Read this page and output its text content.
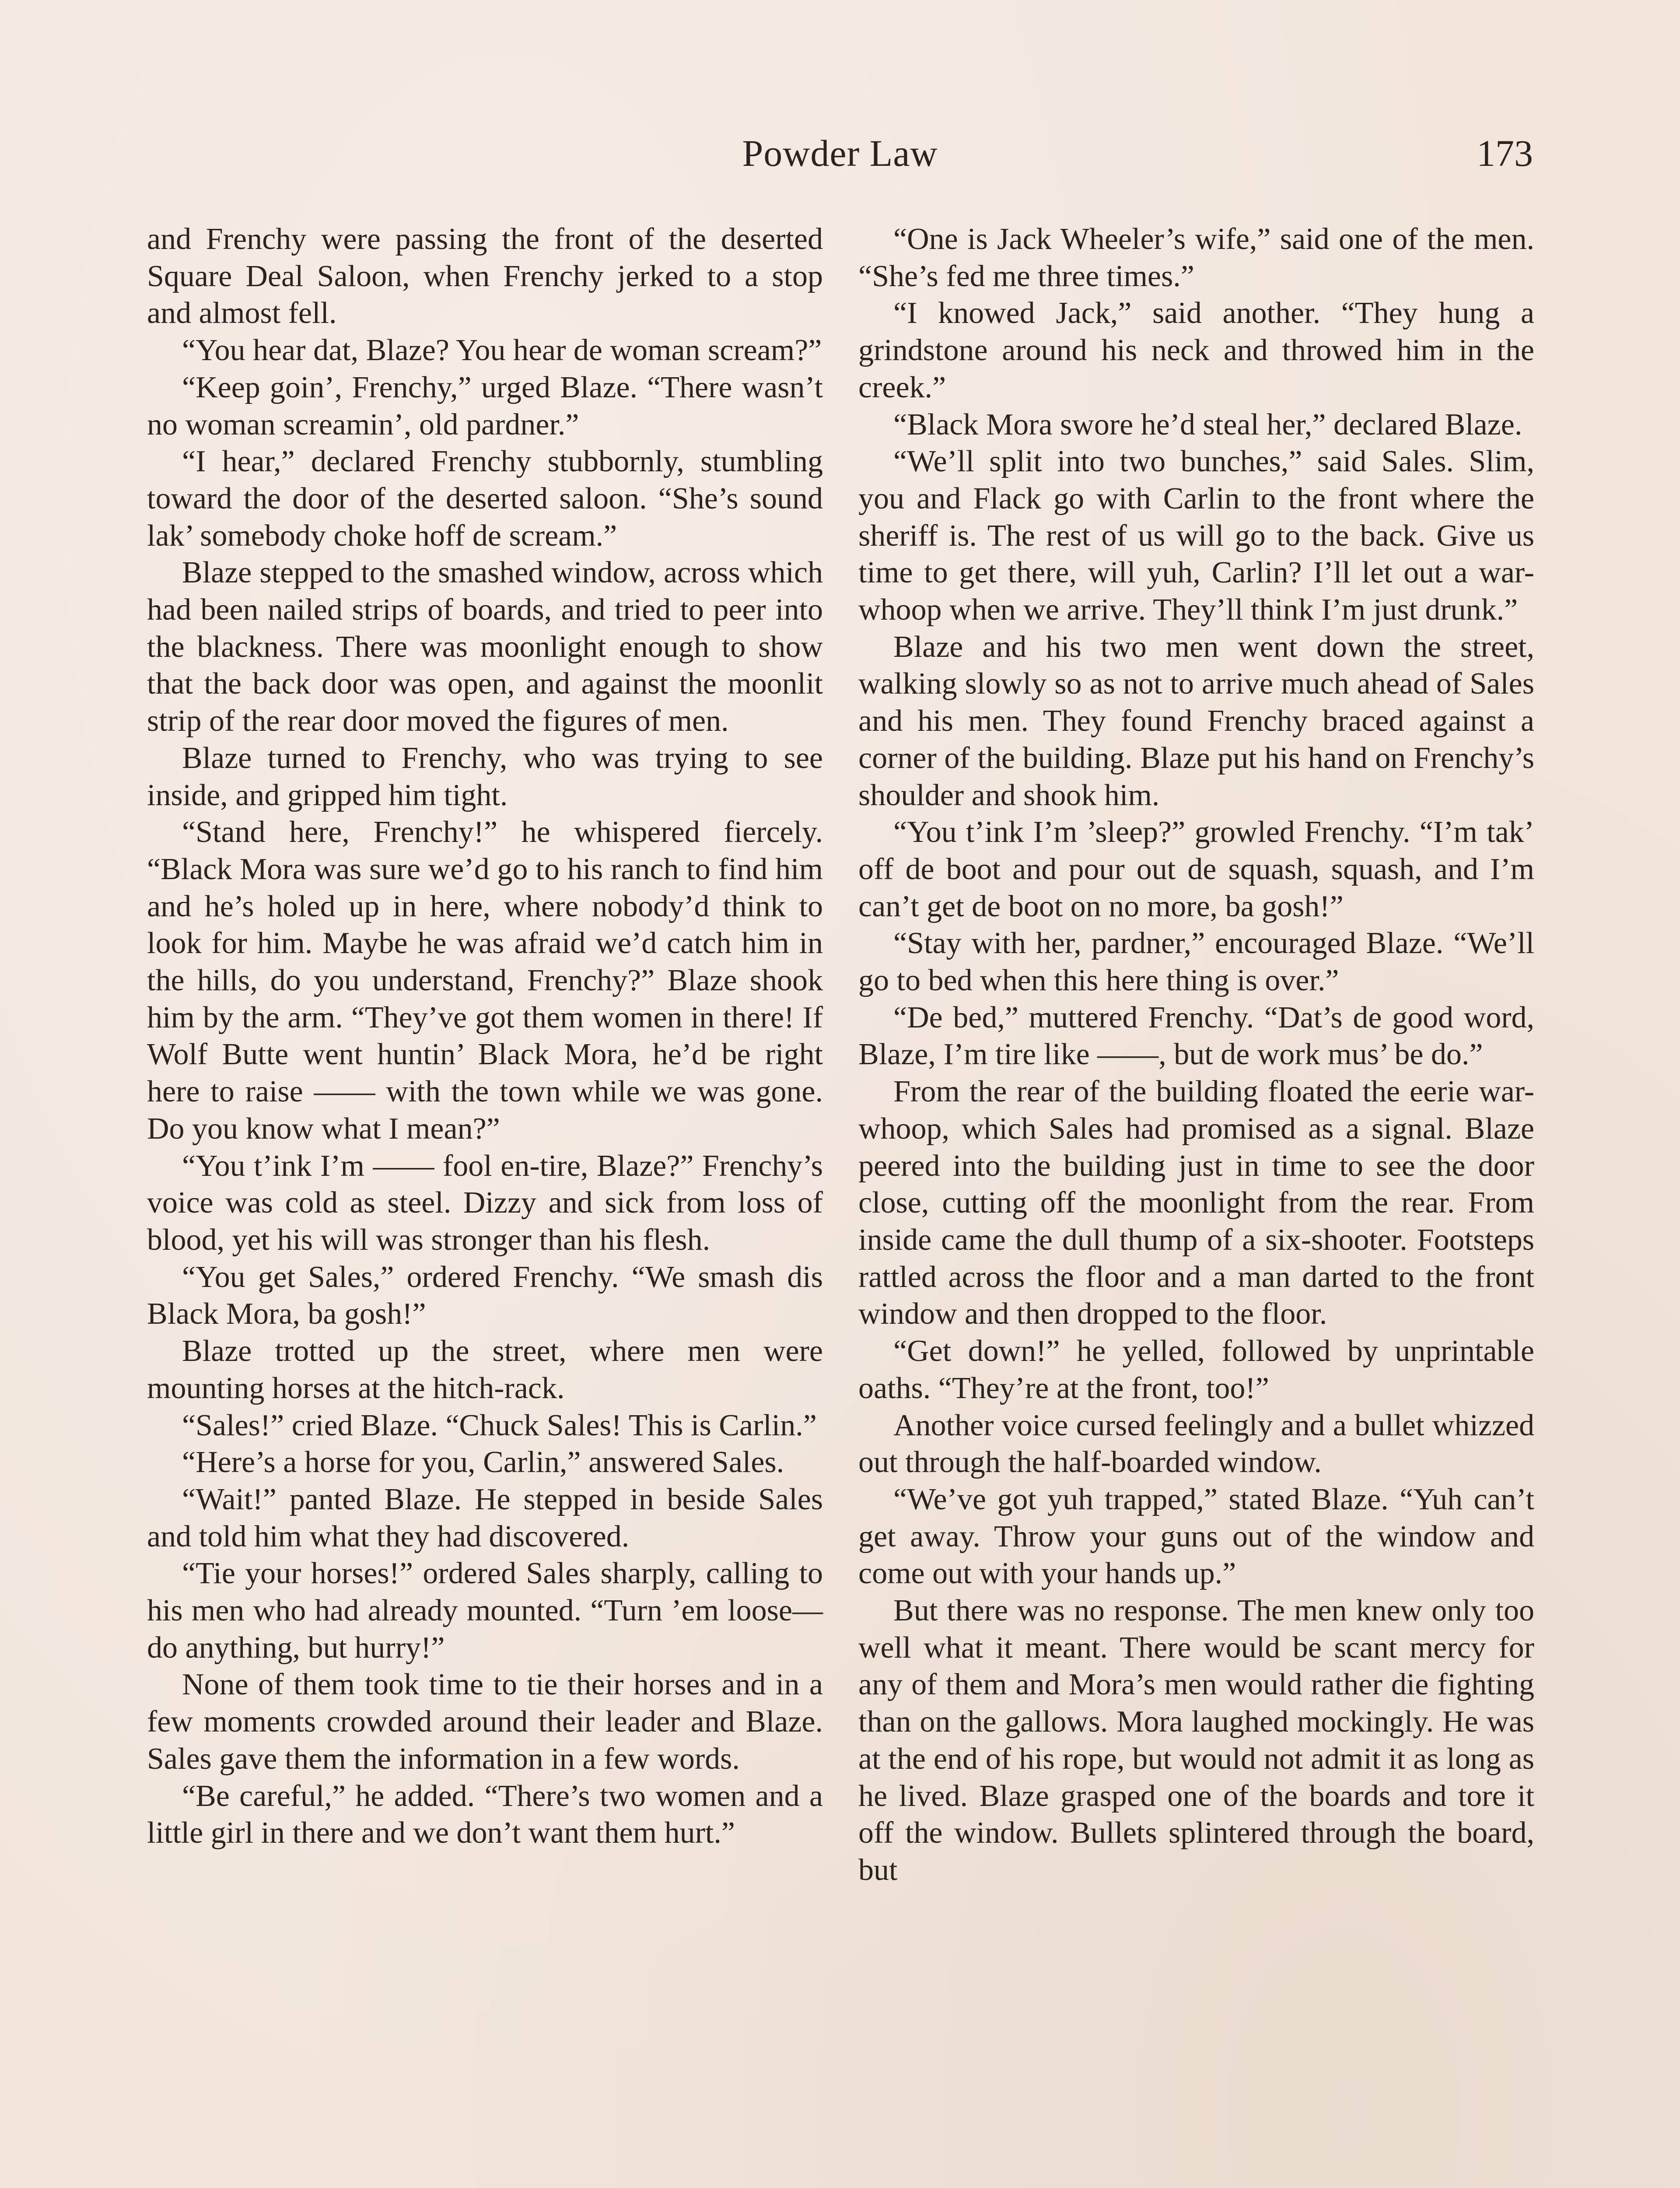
Powder Law	173

and Frenchy were passing the front of the deserted Square Deal Saloon, when Frenchy jerked to a stop and almost fell.

“You hear dat, Blaze? You hear de woman scream?”

“Keep goin’, Frenchy,” urged Blaze. “There wasn’t no woman screamin’, old pardner.”

“I hear,” declared Frenchy stubbornly, stumbling toward the door of the deserted saloon. “She’s sound lak’ somebody choke hoff de scream.”

Blaze stepped to the smashed window, across which had been nailed strips of boards, and tried to peer into the blackness. There was moonlight enough to show that the back door was open, and against the moonlit strip of the rear door moved the figures of men.

Blaze turned to Frenchy, who was trying to see inside, and gripped him tight.

“Stand here, Frenchy!” he whispered fiercely. “Black Mora was sure we’d go to his ranch to find him and he’s holed up in here, where nobody’d think to look for him. Maybe he was afraid we’d catch him in the hills, do you understand, Frenchy?” Blaze shook him by the arm. “They’ve got them women in there! If Wolf Butte went huntin’ Black Mora, he’d be right here to raise —— with the town while we was gone. Do you know what I mean?”

“You t’ink I’m —— fool en-tire, Blaze?” Frenchy’s voice was cold as steel. Dizzy and sick from loss of blood, yet his will was stronger than his flesh.

“You get Sales,” ordered Frenchy. “We smash dis Black Mora, ba gosh!”

Blaze trotted up the street, where men were mounting horses at the hitch-rack.

“Sales!” cried Blaze. “Chuck Sales! This is Carlin.”

“Here’s a horse for you, Carlin,” answered Sales.

“Wait!” panted Blaze. He stepped in beside Sales and told him what they had discovered.

“Tie your horses!” ordered Sales sharply, calling to his men who had already mounted. “Turn ’em loose—do anything, but hurry!”

None of them took time to tie their horses and in a few moments crowded around their leader and Blaze. Sales gave them the information in a few words.

“Be careful,” he added. “There’s two women and a little girl in there and we don’t want them hurt.”

“One is Jack Wheeler’s wife,” said one of the men. “She’s fed me three times.”

“I knowed Jack,” said another. “They hung a grindstone around his neck and throwed him in the creek.”

“Black Mora swore he’d steal her,” declared Blaze.

“We’ll split into two bunches,” said Sales. Slim, you and Flack go with Carlin to the front where the sheriff is. The rest of us will go to the back. Give us time to get there, will yuh, Carlin? I’ll let out a war-whoop when we arrive. They’ll think I’m just drunk.”

Blaze and his two men went down the street, walking slowly so as not to arrive much ahead of Sales and his men. They found Frenchy braced against a corner of the building. Blaze put his hand on Frenchy’s shoulder and shook him.

“You t’ink I’m ’sleep?” growled Frenchy. “I’m tak’ off de boot and pour out de squash, squash, and I’m can’t get de boot on no more, ba gosh!”

“Stay with her, pardner,” encouraged Blaze. “We’ll go to bed when this here thing is over.”

“De bed,” muttered Frenchy. “Dat’s de good word, Blaze, I’m tire like ——, but de work mus’ be do.”

From the rear of the building floated the eerie war-whoop, which Sales had promised as a signal. Blaze peered into the building just in time to see the door close, cutting off the moonlight from the rear. From inside came the dull thump of a six-shooter. Footsteps rattled across the floor and a man darted to the front window and then dropped to the floor.

“Get down!” he yelled, followed by unprintable oaths. “They’re at the front, too!”

Another voice cursed feelingly and a bullet whizzed out through the half-boarded window.

“We’ve got yuh trapped,” stated Blaze. “Yuh can’t get away. Throw your guns out of the window and come out with your hands up.”

But there was no response. The men knew only too well what it meant. There would be scant mercy for any of them and Mora’s men would rather die fighting than on the gallows. Mora laughed mockingly. He was at the end of his rope, but would not admit it as long as he lived. Blaze grasped one of the boards and tore it off the window. Bullets splintered through the board, but
